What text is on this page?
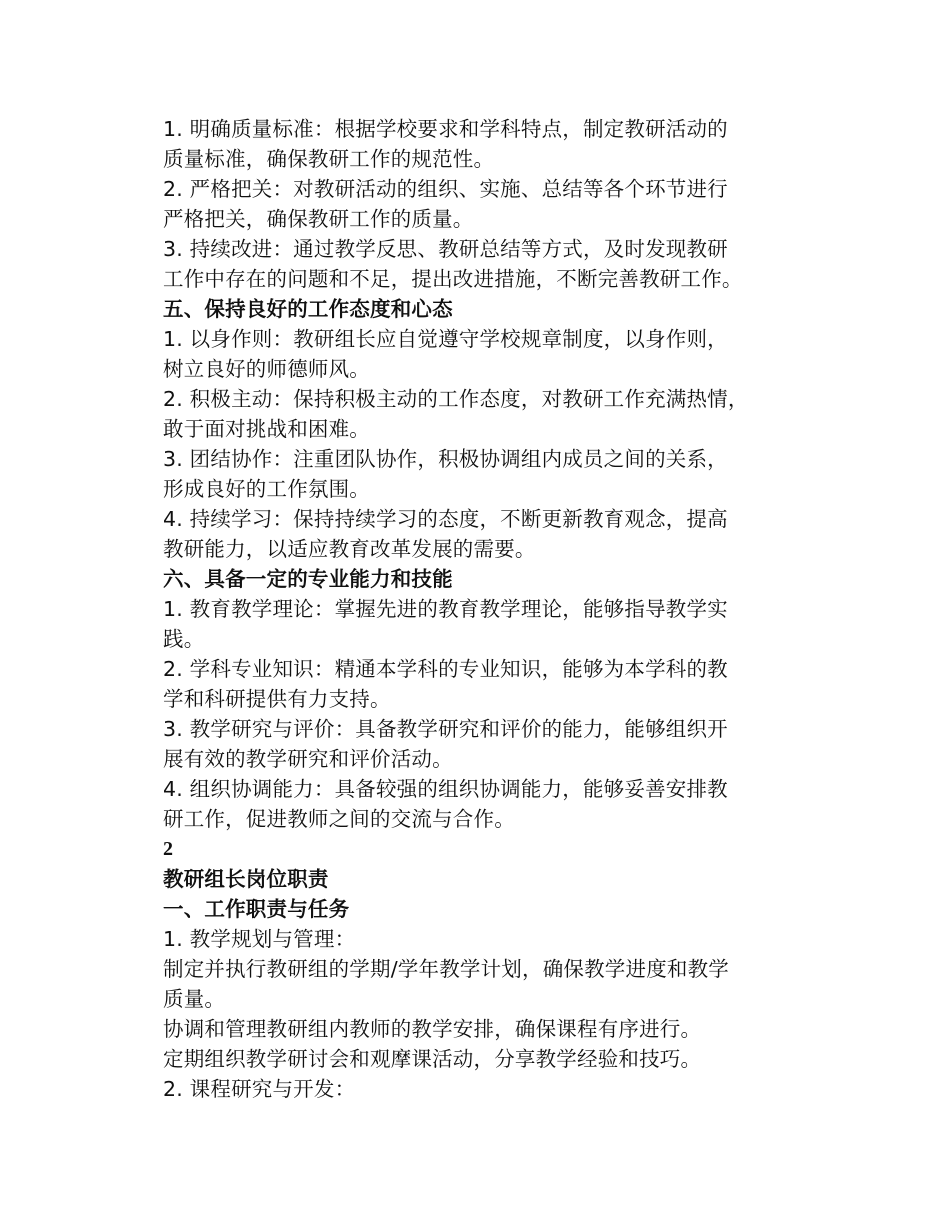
1. 明确质量标准：根据学校要求和学科特点，制定教研活动的

质量标准，确保教研工作的规范性。

2. 严格把关：对教研活动的组织、实施、总结等各个环节进行

严格把关，确保教研工作的质量。

3. 持续改进：通过教学反思、教研总结等方式，及时发现教研

工作中存在的问题和不足，提出改进措施，不断完善教研工作。

五、保持良好的工作态度和心态

1. 以身作则：教研组长应自觉遵守学校规章制度，以身作则，

树立良好的师德师风。

2. 积极主动：保持积极主动的工作态度，对教研工作充满热情，

敢于面对挑战和困难。

3. 团结协作：注重团队协作，积极协调组内成员之间的关系，

形成良好的工作氛围。

4. 持续学习：保持持续学习的态度，不断更新教育观念，提高

教研能力，以适应教育改革发展的需要。

六、具备一定的专业能力和技能

1. 教育教学理论：掌握先进的教育教学理论，能够指导教学实

践。

2. 学科专业知识：精通本学科的专业知识，能够为本学科的教

学和科研提供有力支持。

3. 教学研究与评价：具备教学研究和评价的能力，能够组织开

展有效的教学研究和评价活动。

4. 组织协调能力：具备较强的组织协调能力，能够妥善安排教

研工作，促进教师之间的交流与合作。

2

教研组长岗位职责

一、工作职责与任务

1. 教学规划与管理：

制定并执行教研组的学期/学年教学计划，确保教学进度和教学

质量。

协调和管理教研组内教师的教学安排，确保课程有序进行。

定期组织教学研讨会和观摩课活动，分享教学经验和技巧。

2. 课程研究与开发：
